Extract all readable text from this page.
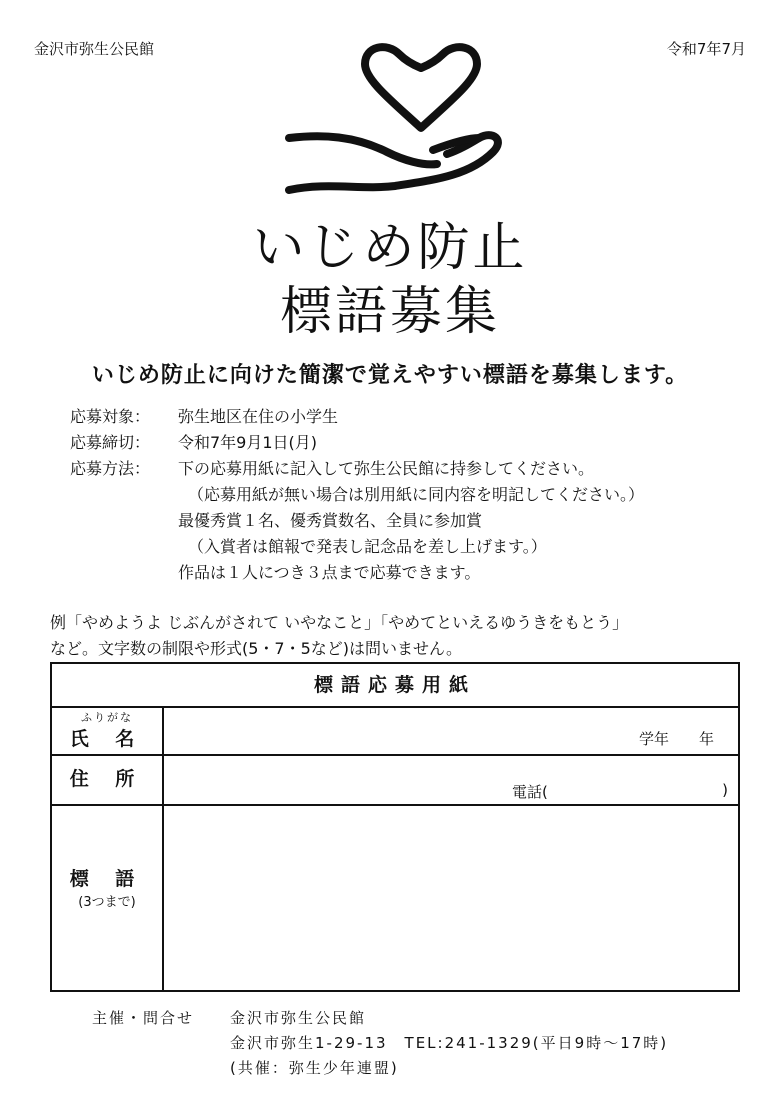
金沢市弥生公民館	令和7年7月
いじめ防止
標語募集
いじめ防止に向けた簡潔で覚えやすい標語を募集します。
応募対象：	弥生地区在住の小学生
応募締切：	令和7年9月1日(月)
応募方法：	下の応募用紙に記入して弥生公民館に持参してください。
（応募用紙が無い場合は別用紙に同内容を明記してください。）
最優秀賞１名、優秀賞数名、全員に参加賞
（入賞者は館報で発表し記念品を差し上げます。）
作品は１人につき３点まで応募できます。
例「やめようよ じぶんがされて いやなこと」「やめてといえるゆうきをもとう」
など。文字数の制限や形式(5・7・5など)は問いません。
標語応募用紙
ふりがな
氏 名	学年　　年
住 所
電話(	)
標 語
(3つまで)
主催・問合せ	金沢市弥生公民館
金沢市弥生1-29-13　TEL:241-1329(平日9時～17時)
(共催：弥生少年連盟)
